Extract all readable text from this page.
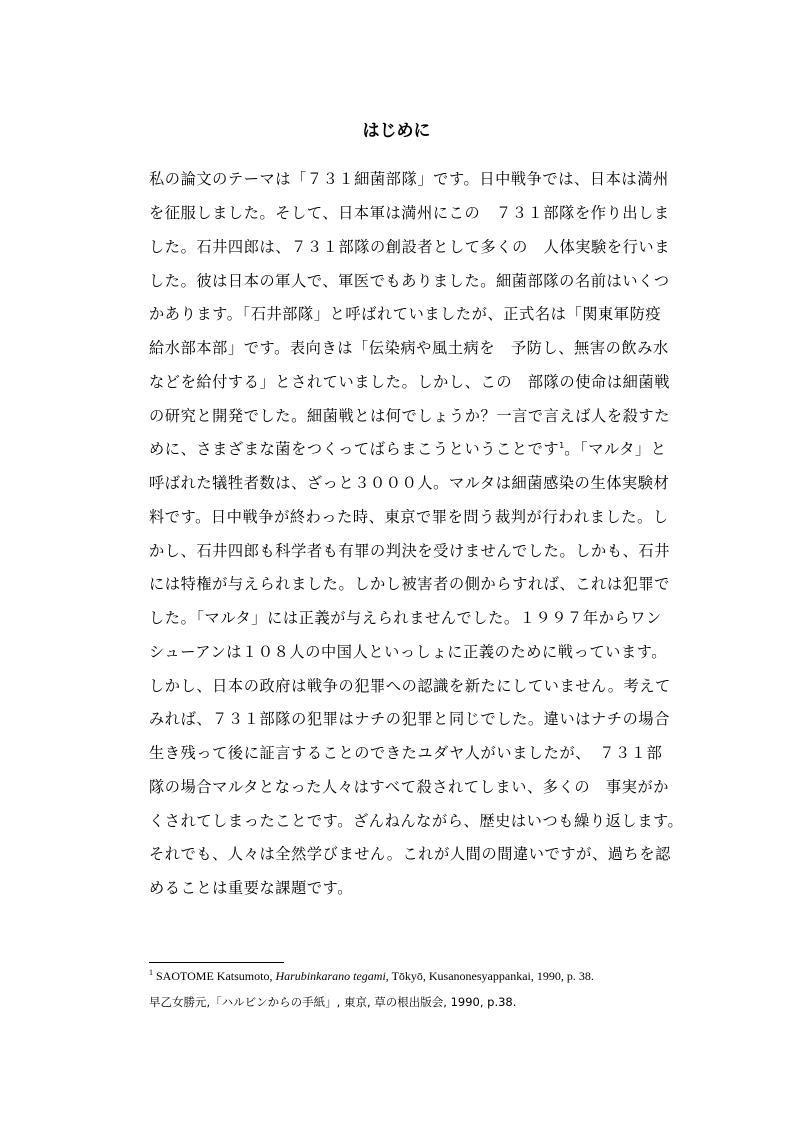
はじめに
私の論文のテーマは「７３１細菌部隊」です。日中戦争では、日本は満州
を征服しました。そして、日本軍は満州にこの　７３１部隊を作り出しま
した。石井四郎は、７３１部隊の創設者として多くの　人体実験を行いま
した。彼は日本の軍人で、軍医でもありました。細菌部隊の名前はいくつ
かあります。「石井部隊」と呼ばれていましたが、正式名は「関東軍防疫
給水部本部」です。表向きは「伝染病や風土病を　予防し、無害の飲み水
などを給付する」とされていました。しかし、この　部隊の使命は細菌戦
の研究と開発でした。細菌戦とは何でしょうか？一言で言えば人を殺すた
めに、さまざまな菌をつくってばらまこうということです$^1$。「マルタ」と
呼ばれた犠牲者数は、ざっと３０００人。マルタは細菌感染の生体実験材
料です。日中戦争が終わった時、東京で罪を問う裁判が行われました。し
かし、石井四郎も科学者も有罪の判決を受けませんでした。しかも、石井
には特権が与えられました。しかし被害者の側からすれば、これは犯罪で
した。「マルタ」には正義が与えられませんでした。１９９７年からワン
シューアンは１０８人の中国人といっしょに正義のために戦っています。
しかし、日本の政府は戦争の犯罪への認識を新たにしていません。考えて
みれば、７３１部隊の犯罪はナチの犯罪と同じでした。違いはナチの場合
生き残って後に証言することのできたユダヤ人がいましたが、　７３１部
隊の場合マルタとなった人々はすべて殺されてしまい、多くの　事実がか
くされてしまったことです。ざんねんながら、歴史はいつも繰り返します。
それでも、人々は全然学びません。これが人間の間違いですが、過ちを認
めることは重要な課題です。
$^1$ SAOTOME Katsumoto, Harubinkarano tegami, Tōkyō, Kusanonesyappankai, 1990, p. 38.
早乙女勝元,「ハルビンからの手紙」, 東京, 草の根出版会, 1990, p.38.
